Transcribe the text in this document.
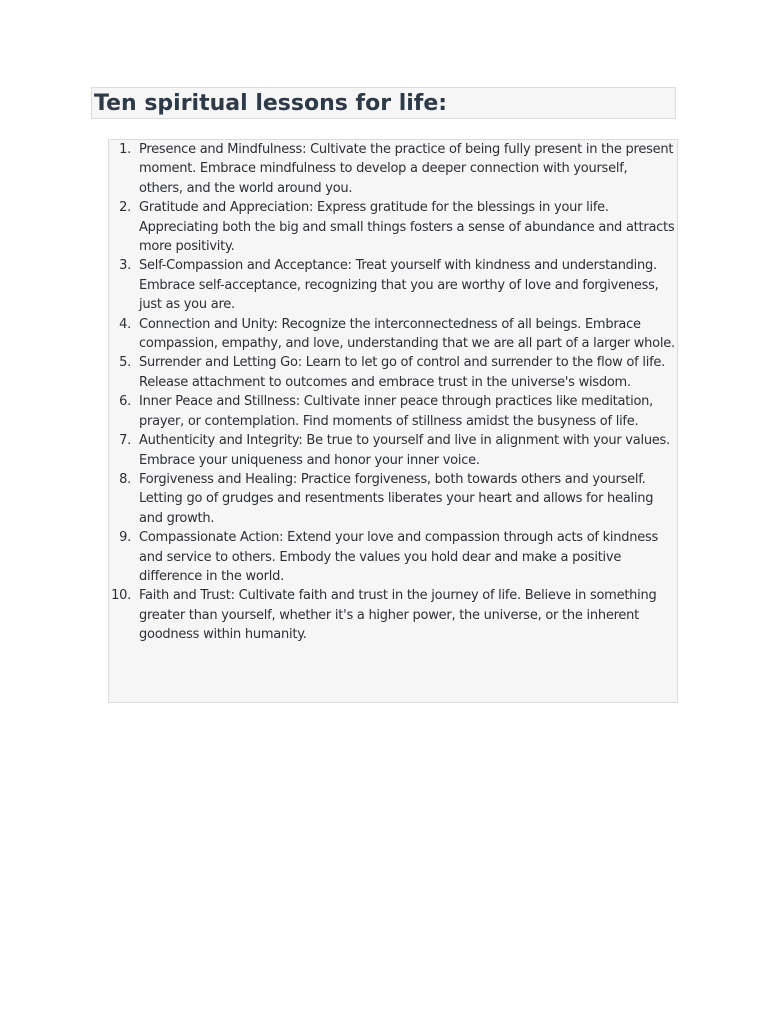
Ten spiritual lessons for life:
1. Presence and Mindfulness: Cultivate the practice of being fully present in the present moment. Embrace mindfulness to develop a deeper connection with yourself, others, and the world around you.
2. Gratitude and Appreciation: Express gratitude for the blessings in your life. Appreciating both the big and small things fosters a sense of abundance and attracts more positivity.
3. Self-Compassion and Acceptance: Treat yourself with kindness and understanding. Embrace self-acceptance, recognizing that you are worthy of love and forgiveness, just as you are.
4. Connection and Unity: Recognize the interconnectedness of all beings. Embrace compassion, empathy, and love, understanding that we are all part of a larger whole.
5. Surrender and Letting Go: Learn to let go of control and surrender to the flow of life. Release attachment to outcomes and embrace trust in the universe's wisdom.
6. Inner Peace and Stillness: Cultivate inner peace through practices like meditation, prayer, or contemplation. Find moments of stillness amidst the busyness of life.
7. Authenticity and Integrity: Be true to yourself and live in alignment with your values. Embrace your uniqueness and honor your inner voice.
8. Forgiveness and Healing: Practice forgiveness, both towards others and yourself. Letting go of grudges and resentments liberates your heart and allows for healing and growth.
9. Compassionate Action: Extend your love and compassion through acts of kindness and service to others. Embody the values you hold dear and make a positive difference in the world.
10. Faith and Trust: Cultivate faith and trust in the journey of life. Believe in something greater than yourself, whether it's a higher power, the universe, or the inherent goodness within humanity.
